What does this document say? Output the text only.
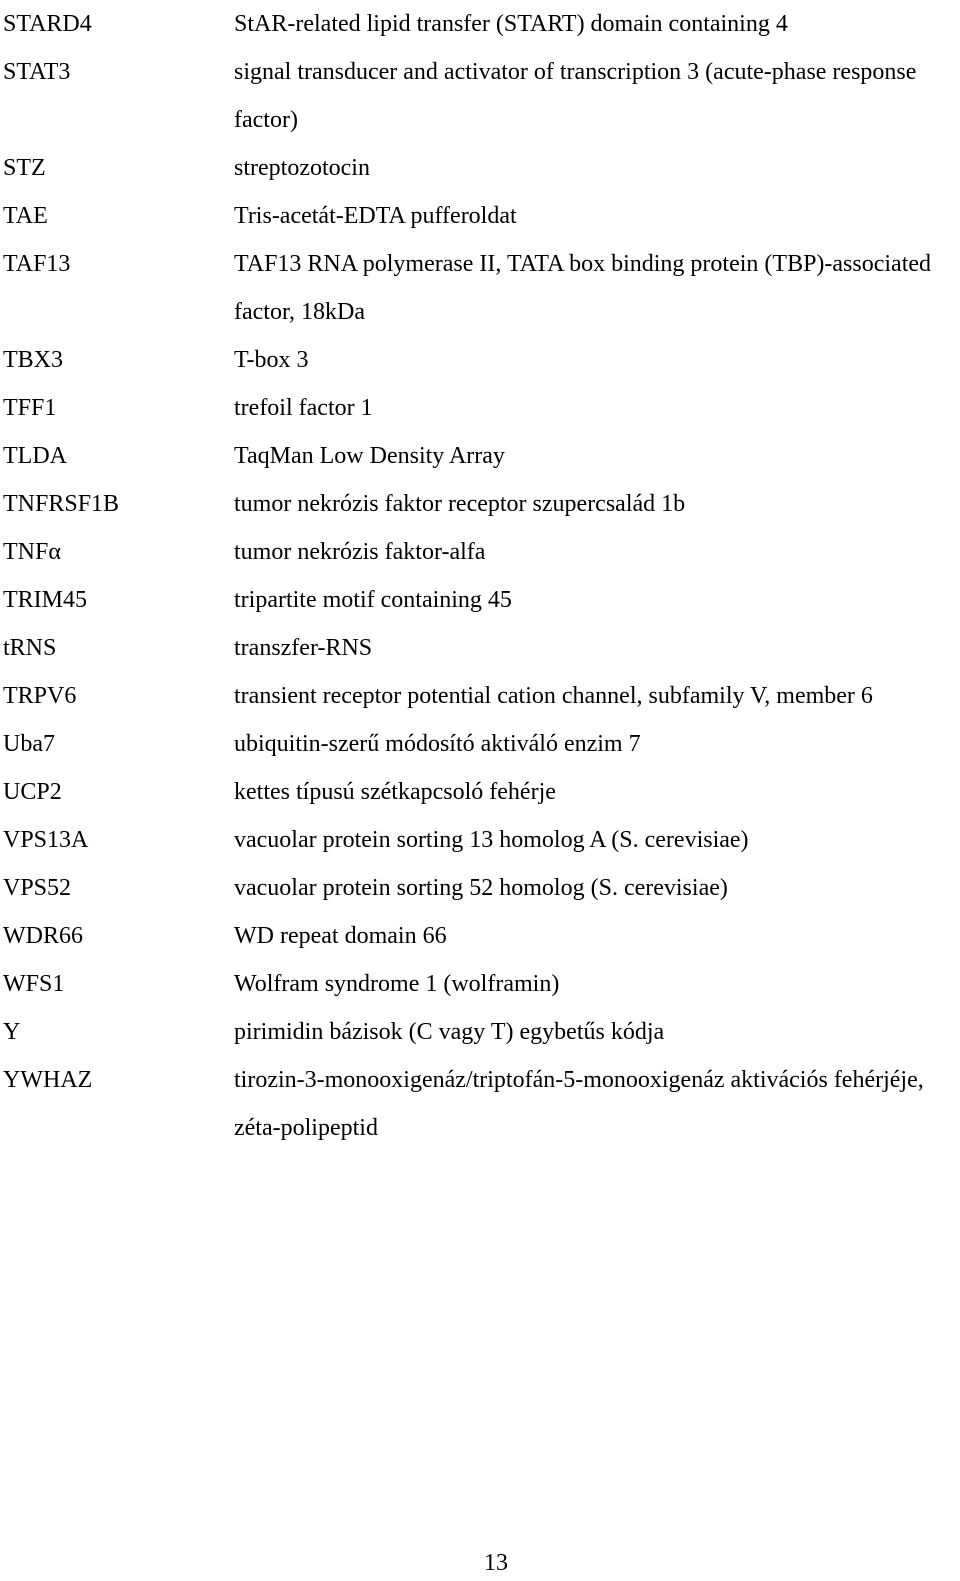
STARD4	StAR-related lipid transfer (START) domain containing 4
STAT3	signal transducer and activator of transcription 3 (acute-phase response factor)
STZ	streptozotocin
TAE	Tris-acetát-EDTA pufferoldat
TAF13	TAF13 RNA polymerase II, TATA box binding protein (TBP)-associated factor, 18kDa
TBX3	T-box 3
TFF1	trefoil factor 1
TLDA	TaqMan Low Density Array
TNFRSF1B	tumor nekrózis faktor receptor szupercsalád 1b
TNFα	tumor nekrózis faktor-alfa
TRIM45	tripartite motif containing 45
tRNS	transzfer-RNS
TRPV6	transient receptor potential cation channel, subfamily V, member 6
Uba7	ubiquitin-szerű módosító aktiváló enzim 7
UCP2	kettes típusú szétkapcsoló fehérje
VPS13A	vacuolar protein sorting 13 homolog A (S. cerevisiae)
VPS52	vacuolar protein sorting 52 homolog (S. cerevisiae)
WDR66	WD repeat domain 66
WFS1	Wolfram syndrome 1 (wolframin)
Y	pirimidin bázisok (C vagy T) egybetűs kódja
YWHAZ	tirozin-3-monooxigenáz/triptofán-5-monooxigenáz aktivációs fehérjéje, zéta-polipeptid
13
